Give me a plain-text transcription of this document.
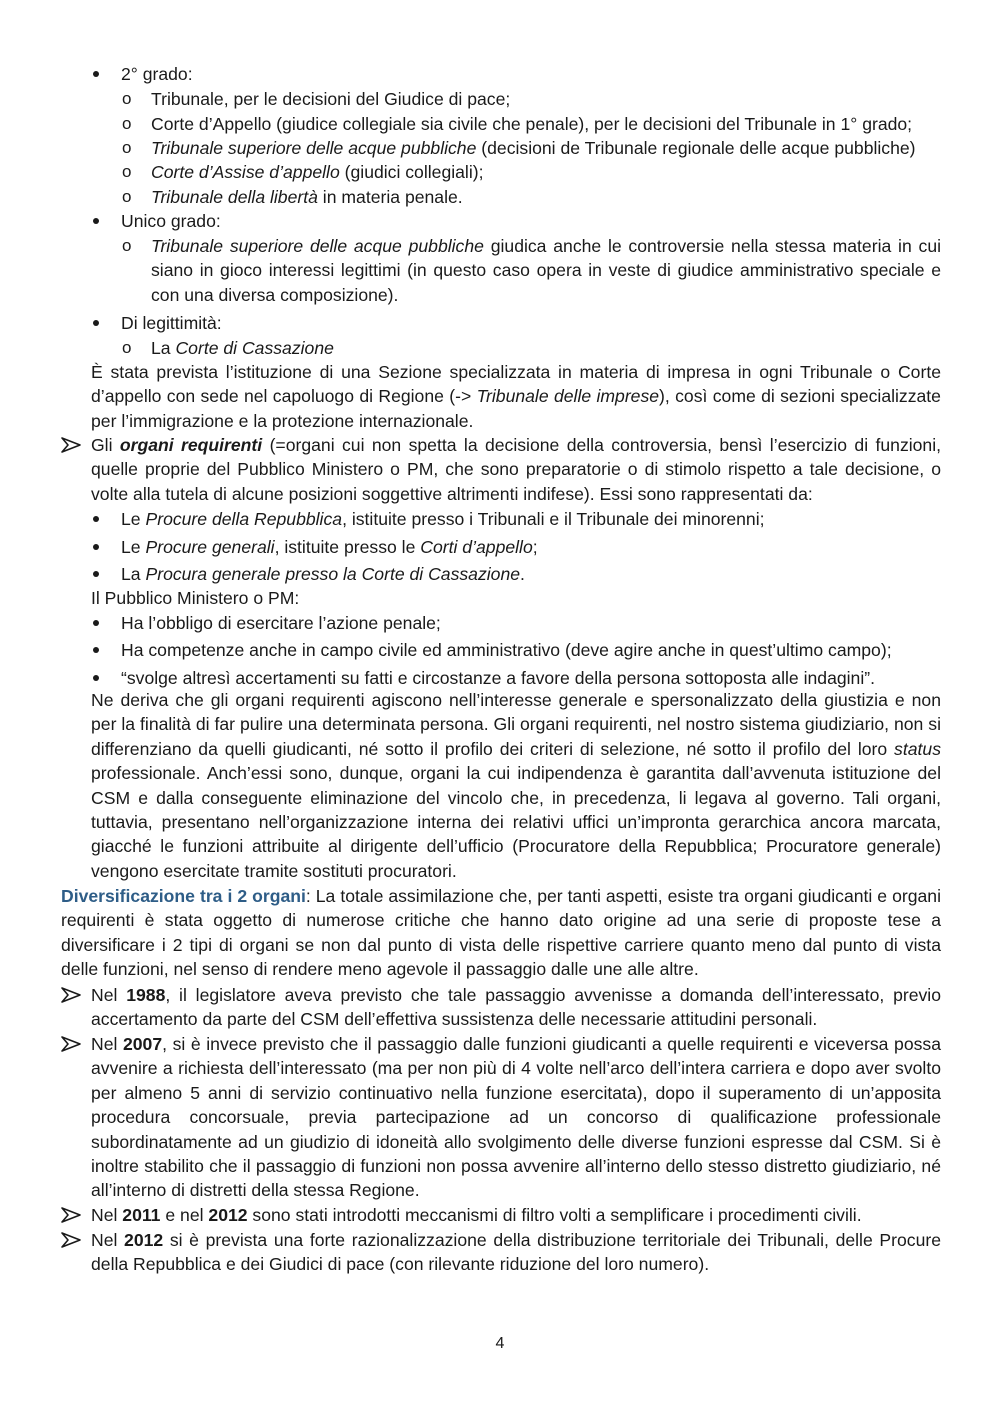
2° grado:
o Tribunale, per le decisioni del Giudice di pace;
o Corte d’Appello (giudice collegiale sia civile che penale), per le decisioni del Tribunale in 1° grado;
o Tribunale superiore delle acque pubbliche (decisioni de Tribunale regionale delle acque pubbliche)
o Corte d’Assise d’appello (giudici collegiali);
o Tribunale della libertà in materia penale.
Unico grado:
o Tribunale superiore delle acque pubbliche giudica anche le controversie nella stessa materia in cui siano in gioco interessi legittimi (in questo caso opera in veste di giudice amministrativo speciale e con una diversa composizione).
Di legittimità:
o La Corte di Cassazione
È stata prevista l’istituzione di una Sezione specializzata in materia di impresa in ogni Tribunale o Corte d’appello con sede nel capoluogo di Regione (-> Tribunale delle imprese), così come di sezioni specializzate per l’immigrazione e la protezione internazionale.
Gli organi requirenti (=organi cui non spetta la decisione della controversia, bensì l’esercizio di funzioni, quelle proprie del Pubblico Ministero o PM, che sono preparatorie o di stimolo rispetto a tale decisione, o volte alla tutela di alcune posizioni soggettive altrimenti indifese). Essi sono rappresentati da:
Le Procure della Repubblica, istituite presso i Tribunali e il Tribunale dei minorenni;
Le Procure generali, istituite presso le Corti d’appello;
La Procura generale presso la Corte di Cassazione.
Il Pubblico Ministero o PM:
Ha l’obbligo di esercitare l’azione penale;
Ha competenze anche in campo civile ed amministrativo (deve agire anche in quest’ultimo campo);
“svolge altresì accertamenti su fatti e circostanze a favore della persona sottoposta alle indagini”.
Ne deriva che gli organi requirenti agiscono nell’interesse generale e spersonalizzato della giustizia e non per la finalità di far pulire una determinata persona. Gli organi requirenti, nel nostro sistema giudiziario, non si differenziano da quelli giudicanti, né sotto il profilo dei criteri di selezione, né sotto il profilo del loro status professionale. Anch’essi sono, dunque, organi la cui indipendenza è garantita dall’avvenuta istituzione del CSM e dalla conseguente eliminazione del vincolo che, in precedenza, li legava al governo. Tali organi, tuttavia, presentano nell’organizzazione interna dei relativi uffici un’impronta gerarchica ancora marcata, giacché le funzioni attribuite al dirigente dell’ufficio (Procuratore della Repubblica; Procuratore generale) vengono esercitate tramite sostituti procuratori.
Diversificazione tra i 2 organi: La totale assimilazione che, per tanti aspetti, esiste tra organi giudicanti e organi requirenti è stata oggetto di numerose critiche che hanno dato origine ad una serie di proposte tese a diversificare i 2 tipi di organi se non dal punto di vista delle rispettive carriere quanto meno dal punto di vista delle funzioni, nel senso di rendere meno agevole il passaggio dalle une alle altre.
Nel 1988, il legislatore aveva previsto che tale passaggio avvenisse a domanda dell’interessato, previo accertamento da parte del CSM dell’effettiva sussistenza delle necessarie attitudini personali.
Nel 2007, si è invece previsto che il passaggio dalle funzioni giudicanti a quelle requirenti e viceversa possa avvenire a richiesta dell’interessato (ma per non più di 4 volte nell’arco dell’intera carriera e dopo aver svolto per almeno 5 anni di servizio continuativo nella funzione esercitata), dopo il superamento di un’apposita procedura concorsuale, previa partecipazione ad un concorso di qualificazione professionale subordinatamente ad un giudizio di idoneità allo svolgimento delle diverse funzioni espresse dal CSM. Si è inoltre stabilito che il passaggio di funzioni non possa avvenire all’interno dello stesso distretto giudiziario, né all’interno di distretti della stessa Regione.
Nel 2011 e nel 2012 sono stati introdotti meccanismi di filtro volti a semplificare i procedimenti civili.
Nel 2012 si è prevista una forte razionalizzazione della distribuzione territoriale dei Tribunali, delle Procure della Repubblica e dei Giudici di pace (con rilevante riduzione del loro numero).
4
